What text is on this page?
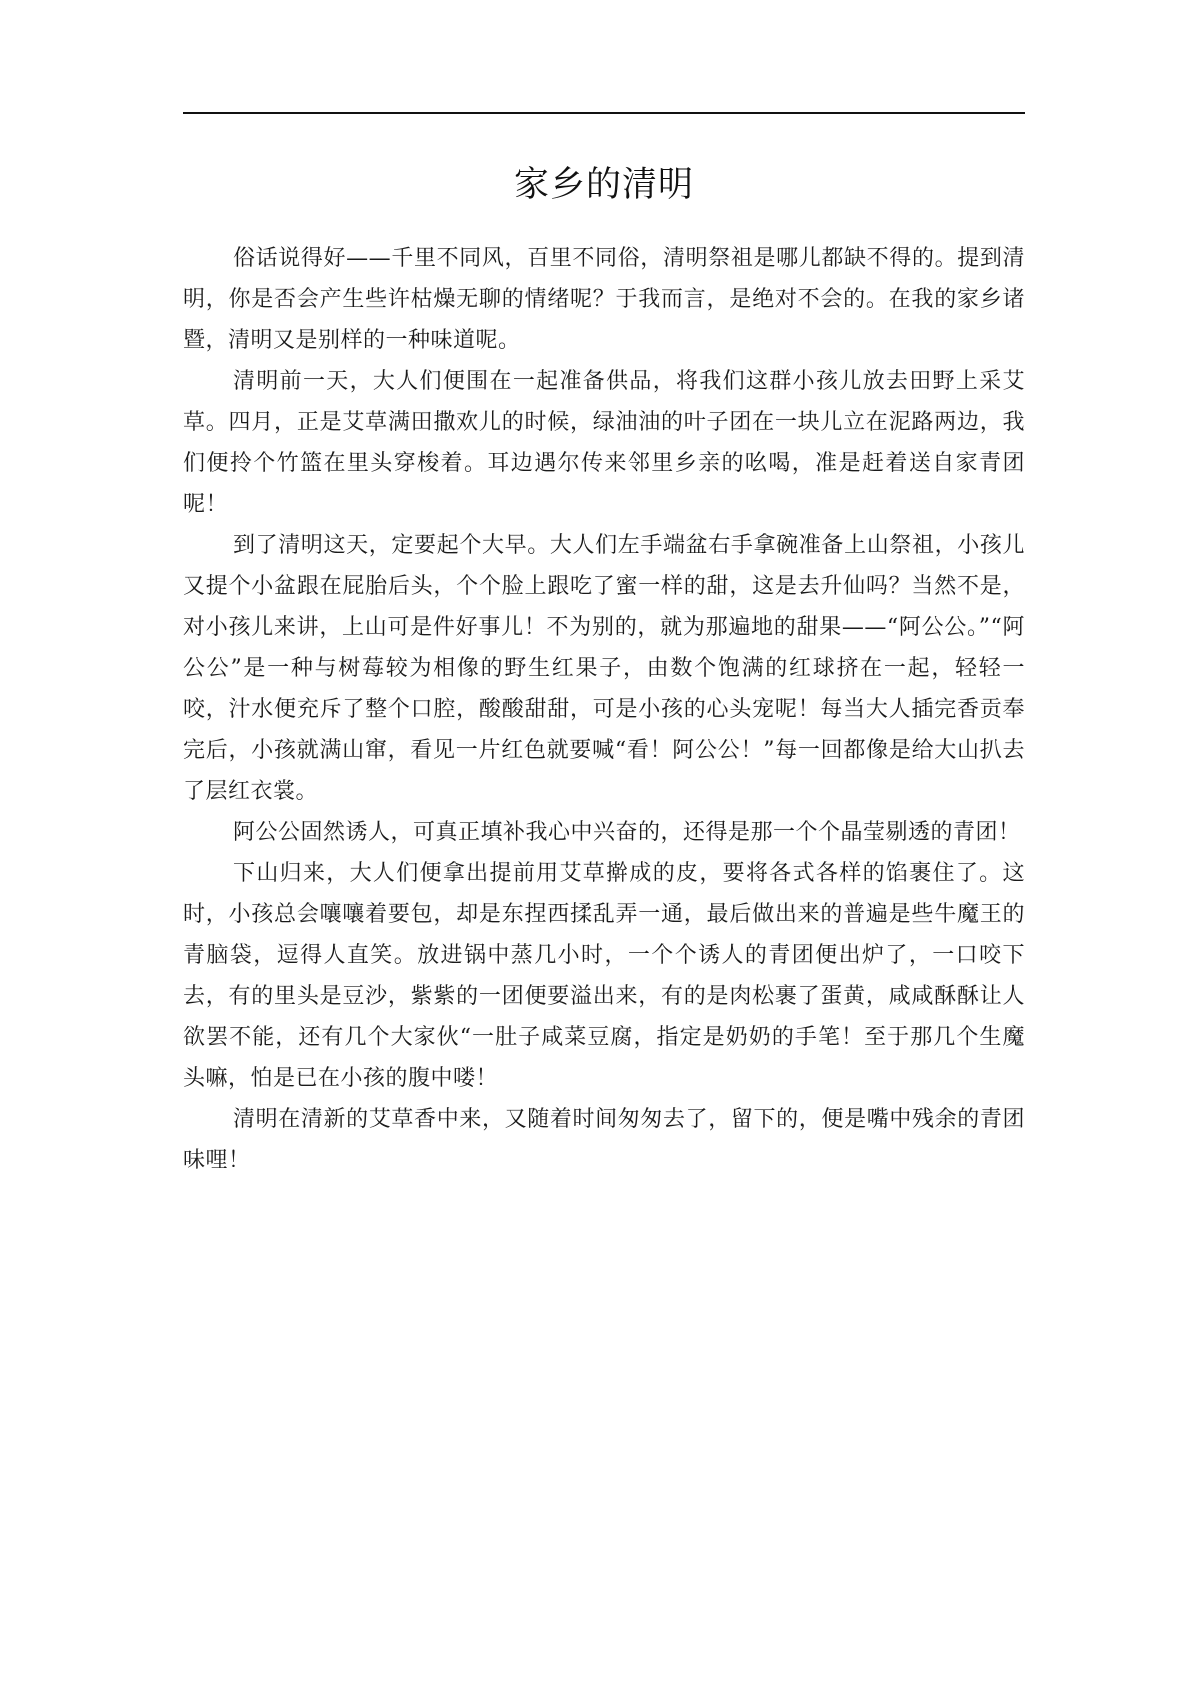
家乡的清明

俗话说得好——千里不同风，百里不同俗，清明祭祖是哪儿都缺不得的。提到清明，你是否会产生些许枯燥无聊的情绪呢？于我而言，是绝对不会的。在我的家乡诸暨，清明又是别样的一种味道呢。

清明前一天，大人们便围在一起准备供品，将我们这群小孩儿放去田野上采艾草。四月，正是艾草满田撒欢儿的时候，绿油油的叶子团在一块儿立在泥路两边，我们便拎个竹篮在里头穿梭着。耳边遇尔传来邻里乡亲的吆喝，准是赶着送自家青团呢！

到了清明这天，定要起个大早。大人们左手端盆右手拿碗准备上山祭祖，小孩儿又提个小盆跟在屁胎后头，个个脸上跟吃了蜜一样的甜，这是去升仙吗？当然不是，对小孩儿来讲，上山可是件好事儿！不为别的，就为那遍地的甜果——“阿公公。”“阿公公”是一种与树莓较为相像的野生红果子，由数个饱满的红球挤在一起，轻轻一咬，汁水便充斥了整个口腔，酸酸甜甜，可是小孩的心头宠呢！每当大人插完香贡奉完后，小孩就满山窜，看见一片红色就要喊“看！阿公公！”每一回都像是给大山扒去了层红衣裳。

阿公公固然诱人，可真正填补我心中兴奋的，还得是那一个个晶莹剔透的青团！

下山归来，大人们便拿出提前用艾草擀成的皮，要将各式各样的馅裹住了。这时，小孩总会嚷嚷着要包，却是东捏西揉乱弄一通，最后做出来的普遍是些牛魔王的青脑袋，逗得人直笑。放进锅中蒸几小时，一个个诱人的青团便出炉了，一口咬下去，有的里头是豆沙，紫紫的一团便要溢出来，有的是肉松裹了蛋黄，咸咸酥酥让人欲罢不能，还有几个大家伙“一肚子咸菜豆腐，指定是奶奶的手笔！至于那几个生魔头嘛，怕是已在小孩的腹中喽！

清明在清新的艾草香中来，又随着时间匆匆去了，留下的，便是嘴中残余的青团味哩！
